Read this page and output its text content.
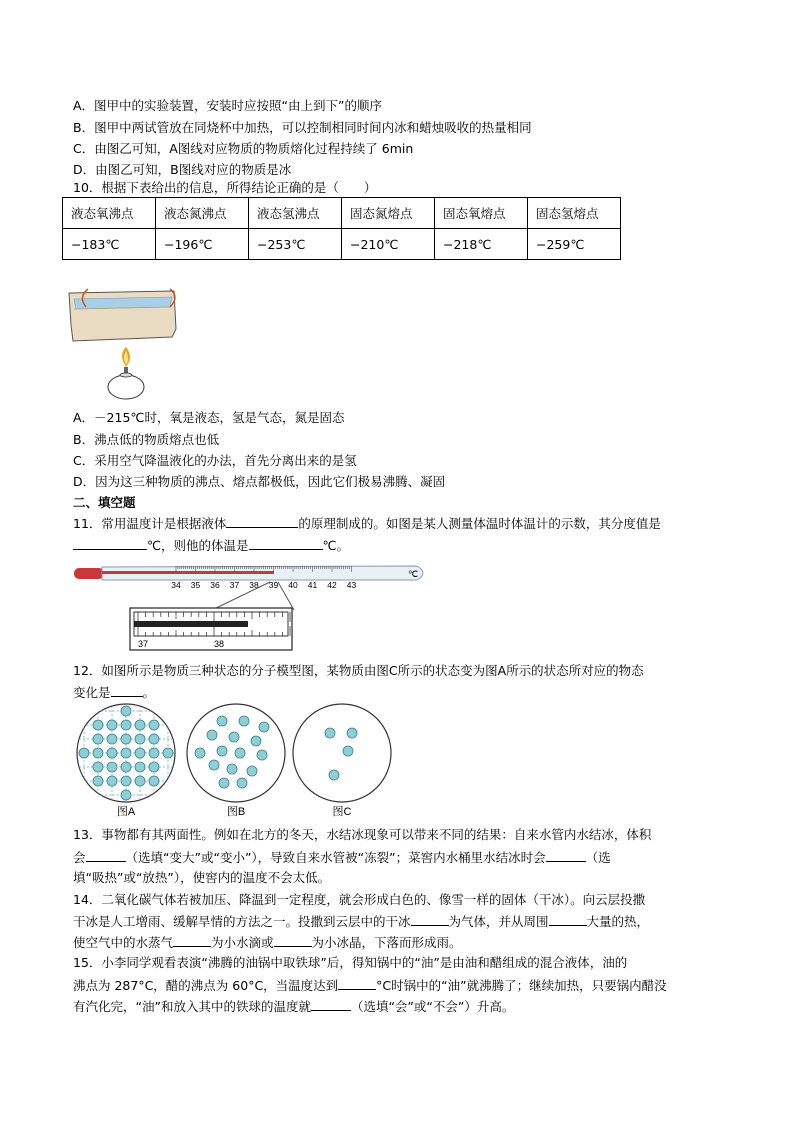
A．图甲中的实验装置，安装时应按照“由上到下”的顺序
B．图甲中两试管放在同烧杯中加热，可以控制相同时间内冰和蜡烛吸收的热量相同
C．由图乙可知，A图线对应物质的物质熔化过程持续了 6min
D．由图乙可知，B图线对应的物质是冰
10．根据下表给出的信息，所得结论正确的是（　　）
液态氧沸点	液态氮沸点	液态氢沸点	固态氮熔点	固态氧熔点	固态氢熔点
−183℃	−196℃	−253℃	−210℃	−218℃	−259℃
A．－215℃时，氧是液态，氢是气态，氮是固态
B．沸点低的物质熔点也低
C．采用空气降温液化的办法，首先分离出来的是氢
D．因为这三种物质的沸点、熔点都极低，因此它们极易沸腾、凝固
二、填空题
11．常用温度计是根据液体	的原理制成的。如图是某人测量体温时体温计的示数，其分度值是
℃，则他的体温是	℃。
34 35 36 37 38 39 40 41 42 43
℃
37	38
12．如图所示是物质三种状态的分子模型图，某物质由图C所示的状态变为图A所示的状态所对应的物态
变化是	。
图A	图B	图C
13．事物都有其两面性。例如在北方的冬天，水结冰现象可以带来不同的结果：自来水管内水结冰，体积
会	（选填“变大”或“变小”），导致自来水管被“冻裂”；菜窖内水桶里水结冰时会	（选
填“吸热”或“放热”），使窖内的温度不会太低。
14．二氧化碳气体若被加压、降温到一定程度，就会形成白色的、像雪一样的固体（干冰）。向云层投撒
干冰是人工增雨、缓解旱情的方法之一。投撒到云层中的干冰	为气体，并从周围	大量的热，
使空气中的水蒸气	为小水滴或	为小冰晶，下落而形成雨。
15．小李同学观看表演“沸腾的油锅中取铁球”后，得知锅中的“油”是由油和醋组成的混合液体，油的
沸点为 287°C，醋的沸点为 60°C，当温度达到	°C时锅中的“油”就沸腾了；继续加热，只要锅内醋没
有汽化完，“油”和放入其中的铁球的温度就	（选填“会”或“不会”）升高。
